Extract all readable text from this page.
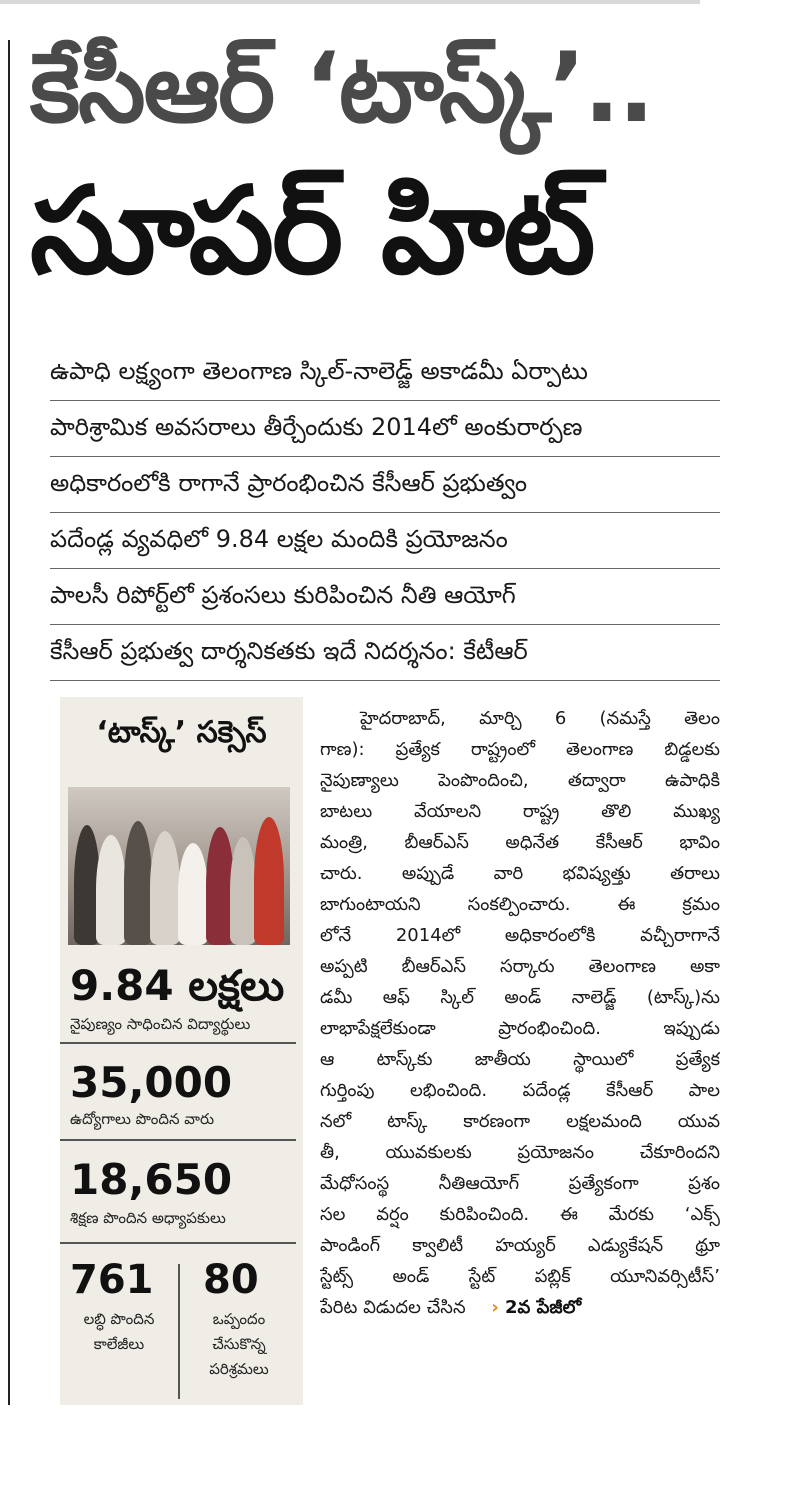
కేసీఆర్ ‘టాస్క్’..
సూపర్ హిట్
ఉపాధి లక్ష్యంగా తెలంగాణ స్కిల్‌-నాలెడ్జ్ అకాడమీ ఏర్పాటు
పారిశ్రామిక అవసరాలు తీర్చేందుకు 2014లో అంకురార్పణ
అధికారంలోకి రాగానే ప్రారంభించిన కేసీఆర్ ప్రభుత్వం
పదేండ్ల వ్యవధిలో 9.84 లక్షల మందికి ప్రయోజనం
పాలసీ రిపోర్ట్‌లో ప్రశంసలు కురిపించిన నీతి ఆయోగ్
కేసీఆర్ ప్రభుత్వ దార్శనికతకు ఇదే నిదర్శనం: కేటీఆర్
‘టాస్క్’ సక్సెస్
9.84 లక్షలు
నైపుణ్యం సాధించిన విద్యార్థులు
35,000
ఉద్యోగాలు పొందిన వారు
18,650
శిక్షణ పొందిన అధ్యాపకులు
761
లబ్ధి పొందిన
కాలేజీలు
80
ఒప్పందం
చేసుకొన్న
పరిశ్రమలు
హైదరాబాద్, మార్చి 6 (నమస్తే తెలం
గాణ): ప్రత్యేక రాష్ట్రంలో తెలంగాణ బిడ్డలకు
నైపుణ్యాలు పెంపొందించి, తద్వారా ఉపాధికి
బాటలు వేయాలని రాష్ట్ర తొలి ముఖ్య
మంత్రి, బీఆర్‌ఎస్ అధినేత కేసీఆర్ భావిం
చారు. అప్పుడే వారి భవిష్యత్తు తరాలు
బాగుంటాయని సంకల్పించారు. ఈ క్రమం
లోనే 2014లో అధికారంలోకి వచ్చీరాగానే
అప్పటి బీఆర్‌ఎస్ సర్కారు తెలంగాణ అకా
డమీ ఆఫ్ స్కిల్ అండ్ నాలెడ్జ్ (టాస్క్)ను
లాభాపేక్షలేకుండా ప్రారంభించింది. ఇప్పుడు
ఆ టాస్క్‌కు జాతీయ స్థాయిలో ప్రత్యేక
గుర్తింపు లభించింది. పదేండ్ల కేసీఆర్ పాల
నలో టాస్క్ కారణంగా లక్షలమంది యువ
తీ, యువకులకు ప్రయోజనం చేకూరిందని
మేధోసంస్థ నీతిఆయోగ్ ప్రత్యేకంగా ప్రశం
సల వర్షం కురిపించింది. ఈ మేరకు ‘ఎక్స్
పాండింగ్ క్వాలిటీ హయ్యర్ ఎడ్యుకేషన్ థ్రూ
స్టేట్స్ అండ్ స్టేట్ పబ్లిక్ యూనివర్సిటీస్’
పేరిట విడుదల చేసిన › 2వ పేజీలో
